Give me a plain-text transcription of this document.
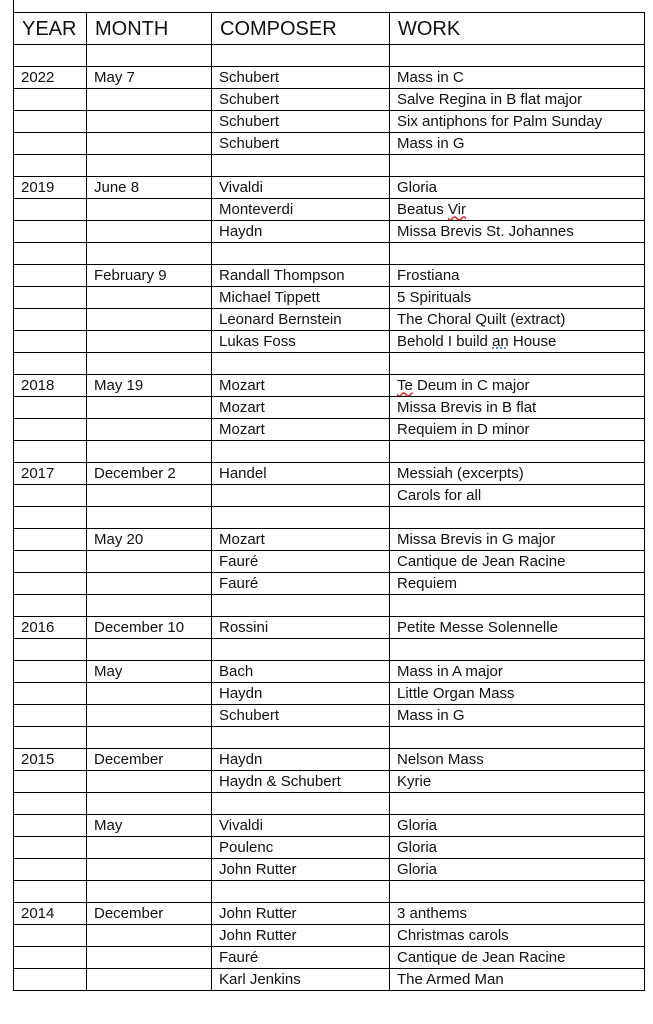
YEAR	MONTH	COMPOSER	WORK

2022	May 7	Schubert	Mass in C
		Schubert	Salve Regina in B flat major
		Schubert	Six antiphons for Palm Sunday
		Schubert	Mass in G

2019	June 8	Vivaldi	Gloria
		Monteverdi	Beatus Vir
		Haydn	Missa Brevis St. Johannes

	February 9	Randall Thompson	Frostiana
		Michael Tippett	5 Spirituals
		Leonard Bernstein	The Choral Quilt (extract)
		Lukas Foss	Behold I build an House

2018	May 19	Mozart	Te Deum in C major
		Mozart	Missa Brevis in B flat
		Mozart	Requiem in D minor

2017	December 2	Handel	Messiah (excerpts)
			Carols for all

	May 20	Mozart	Missa Brevis in G major
		Fauré	Cantique de Jean Racine
		Fauré	Requiem

2016	December 10	Rossini	Petite Messe Solennelle

	May	Bach	Mass in A major
		Haydn	Little Organ Mass
		Schubert	Mass in G

2015	December	Haydn	Nelson Mass
		Haydn & Schubert	Kyrie

	May	Vivaldi	Gloria
		Poulenc	Gloria
		John Rutter	Gloria

2014	December	John Rutter	3 anthems
		John Rutter	Christmas carols
		Fauré	Cantique de Jean Racine
		Karl Jenkins	The Armed Man
